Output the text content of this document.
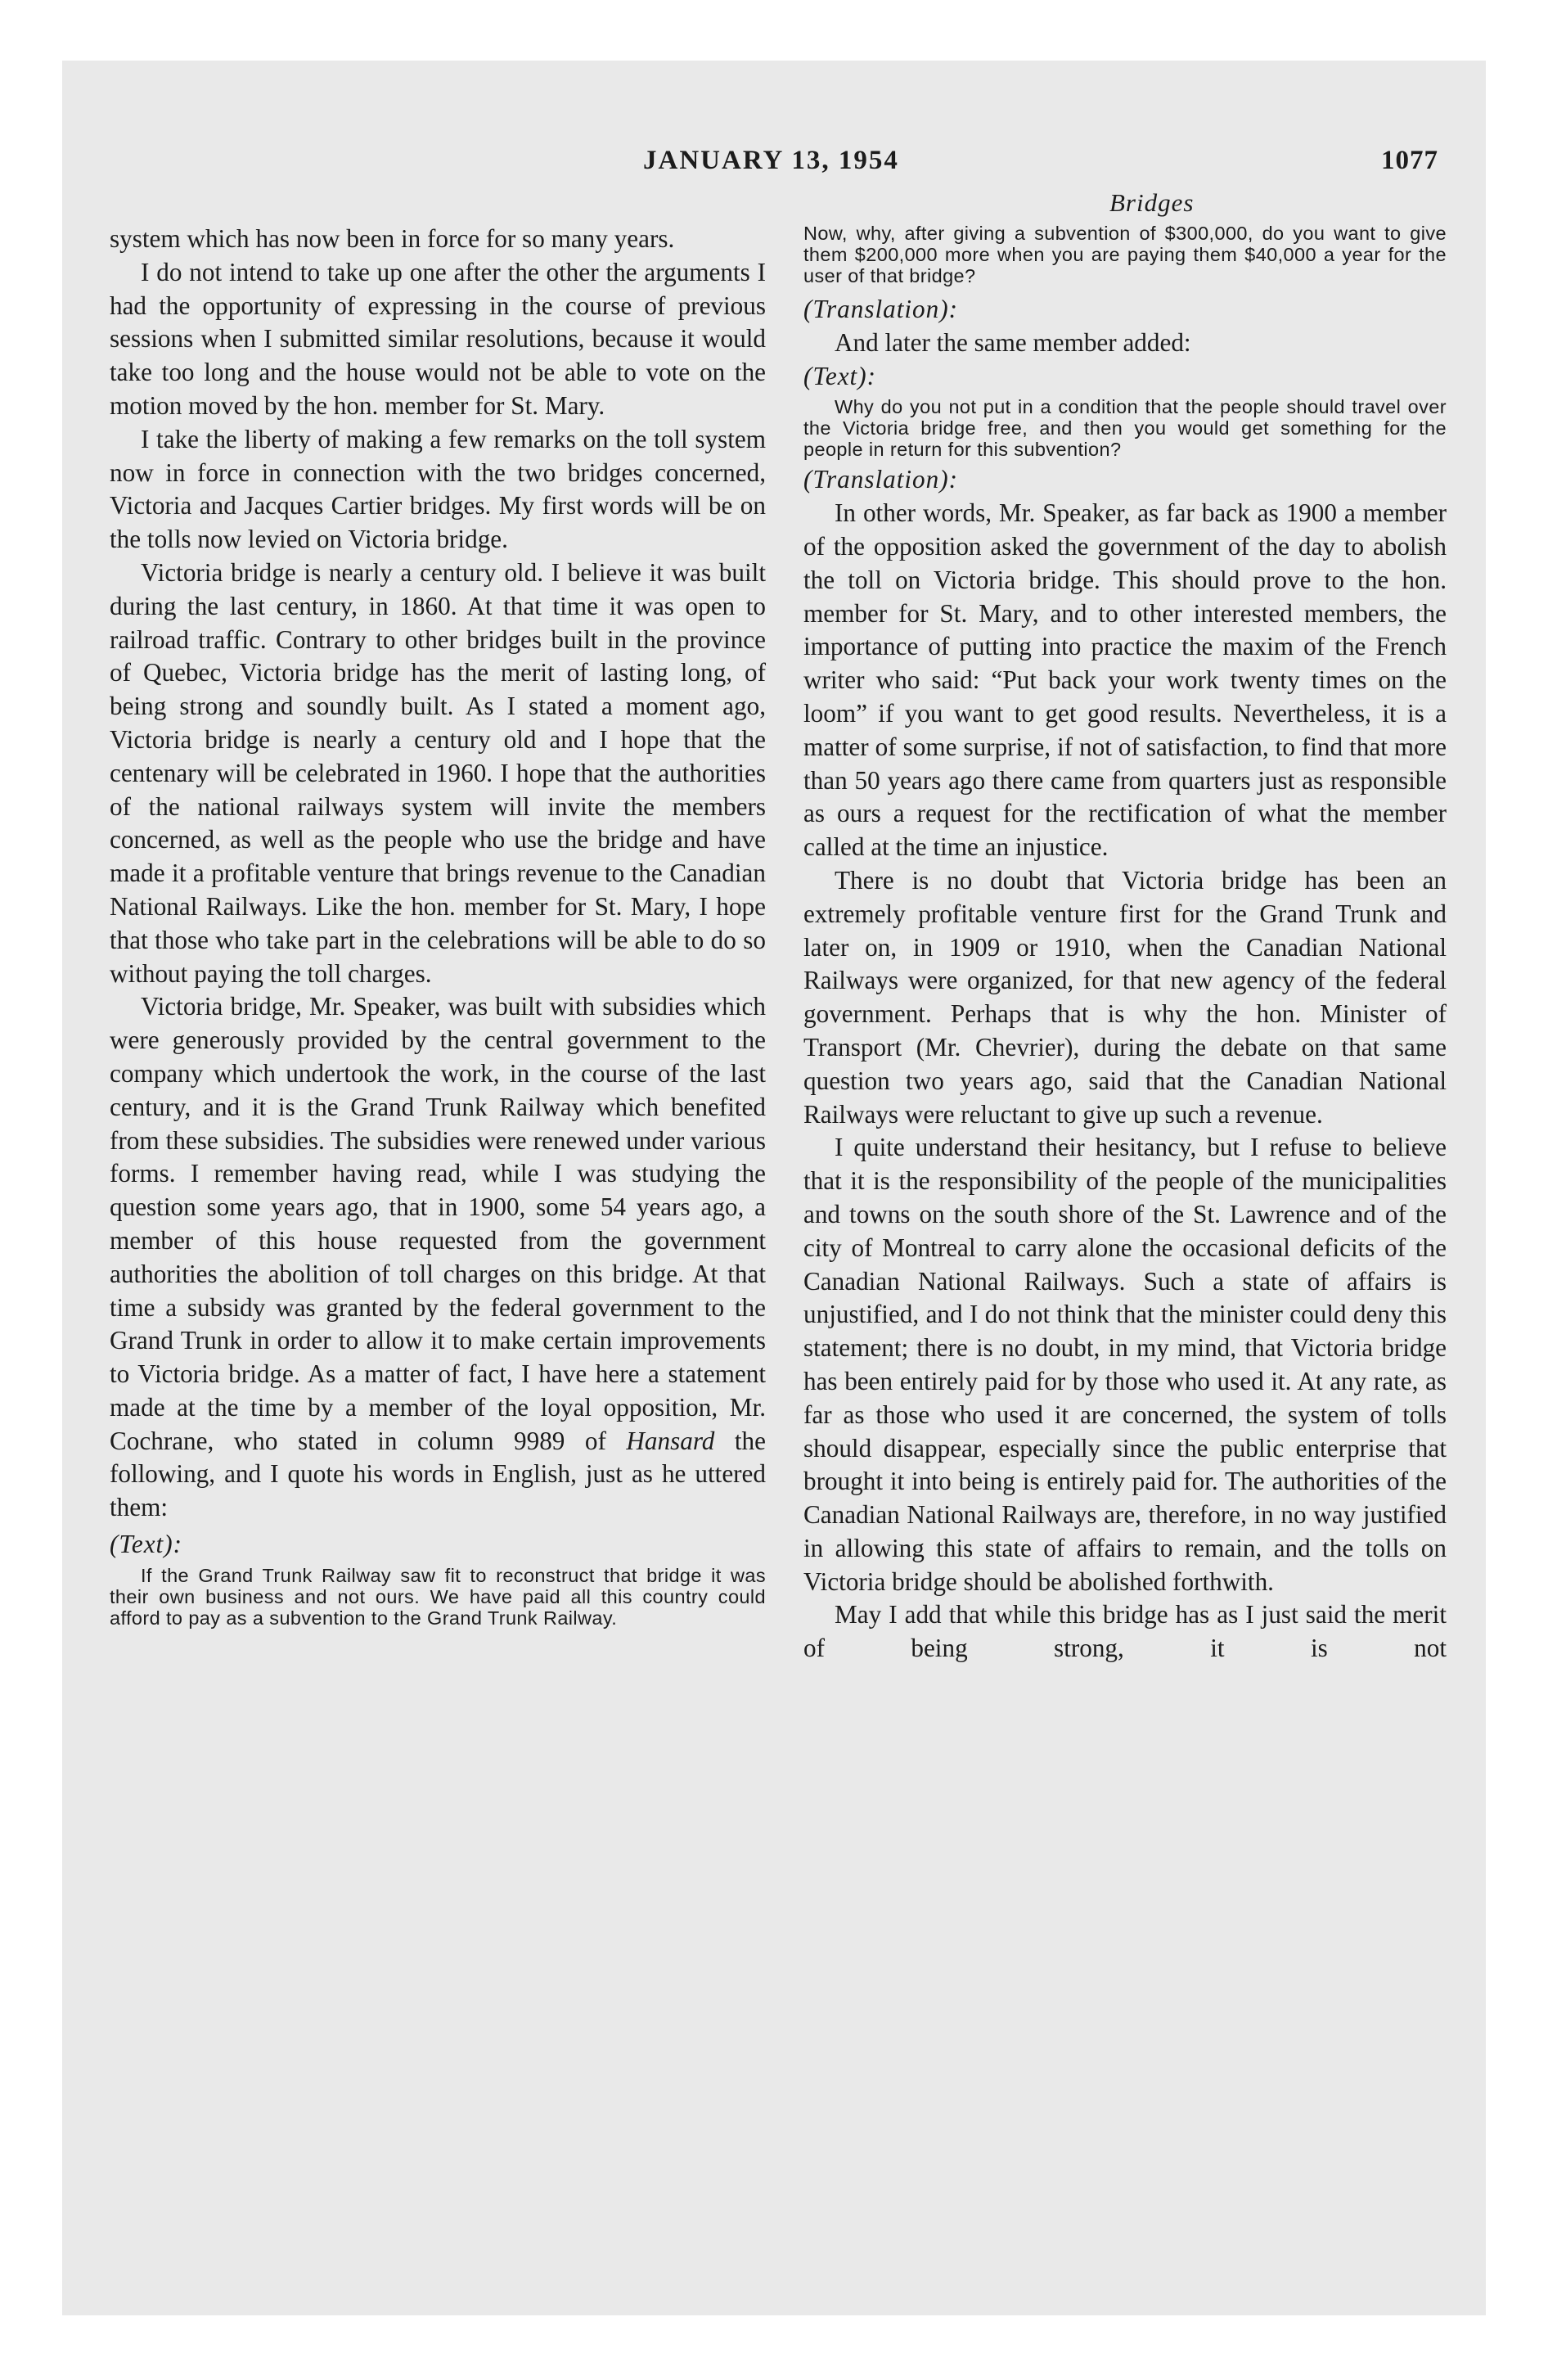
JANUARY 13, 1954	1077
Bridges

system which has now been in force for so many years.

I do not intend to take up one after the other the arguments I had the opportunity of expressing in the course of previous sessions when I submitted similar resolutions, because it would take too long and the house would not be able to vote on the motion moved by the hon. member for St. Mary.

I take the liberty of making a few remarks on the toll system now in force in connection with the two bridges concerned, Victoria and Jacques Cartier bridges. My first words will be on the tolls now levied on Victoria bridge.

Victoria bridge is nearly a century old. I believe it was built during the last century, in 1860. At that time it was open to railroad traffic. Contrary to other bridges built in the province of Quebec, Victoria bridge has the merit of lasting long, of being strong and soundly built. As I stated a moment ago, Victoria bridge is nearly a century old and I hope that the centenary will be celebrated in 1960. I hope that the authorities of the national railways system will invite the members concerned, as well as the people who use the bridge and have made it a profitable venture that brings revenue to the Canadian National Railways. Like the hon. member for St. Mary, I hope that those who take part in the celebrations will be able to do so without paying the toll charges.

Victoria bridge, Mr. Speaker, was built with subsidies which were generously provided by the central government to the company which undertook the work, in the course of the last century, and it is the Grand Trunk Railway which benefited from these subsidies. The subsidies were renewed under various forms. I remember having read, while I was studying the question some years ago, that in 1900, some 54 years ago, a member of this house requested from the government authorities the abolition of toll charges on this bridge. At that time a subsidy was granted by the federal government to the Grand Trunk in order to allow it to make certain improvements to Victoria bridge. As a matter of fact, I have here a statement made at the time by a member of the loyal opposition, Mr. Cochrane, who stated in column 9989 of Hansard the following, and I quote his words in English, just as he uttered them:

(Text):

If the Grand Trunk Railway saw fit to reconstruct that bridge it was their own business and not ours. We have paid all this country could afford to pay as a subvention to the Grand Trunk Railway.

Now, why, after giving a subvention of $300,000, do you want to give them $200,000 more when you are paying them $40,000 a year for the user of that bridge?

(Translation):

And later the same member added:

(Text):

Why do you not put in a condition that the people should travel over the Victoria bridge free, and then you would get something for the people in return for this subvention?

(Translation):

In other words, Mr. Speaker, as far back as 1900 a member of the opposition asked the government of the day to abolish the toll on Victoria bridge. This should prove to the hon. member for St. Mary, and to other interested members, the importance of putting into practice the maxim of the French writer who said: “Put back your work twenty times on the loom” if you want to get good results. Nevertheless, it is a matter of some surprise, if not of satisfaction, to find that more than 50 years ago there came from quarters just as responsible as ours a request for the rectification of what the member called at the time an injustice.

There is no doubt that Victoria bridge has been an extremely profitable venture first for the Grand Trunk and later on, in 1909 or 1910, when the Canadian National Railways were organized, for that new agency of the federal government. Perhaps that is why the hon. Minister of Transport (Mr. Chevrier), during the debate on that same question two years ago, said that the Canadian National Railways were reluctant to give up such a revenue.

I quite understand their hesitancy, but I refuse to believe that it is the responsibility of the people of the municipalities and towns on the south shore of the St. Lawrence and of the city of Montreal to carry alone the occasional deficits of the Canadian National Railways. Such a state of affairs is unjustified, and I do not think that the minister could deny this statement; there is no doubt, in my mind, that Victoria bridge has been entirely paid for by those who used it. At any rate, as far as those who used it are concerned, the system of tolls should disappear, especially since the public enterprise that brought it into being is entirely paid for. The authorities of the Canadian National Railways are, therefore, in no way justified in allowing this state of affairs to remain, and the tolls on Victoria bridge should be abolished forthwith.

May I add that while this bridge has as I just said the merit of being strong, it is not
